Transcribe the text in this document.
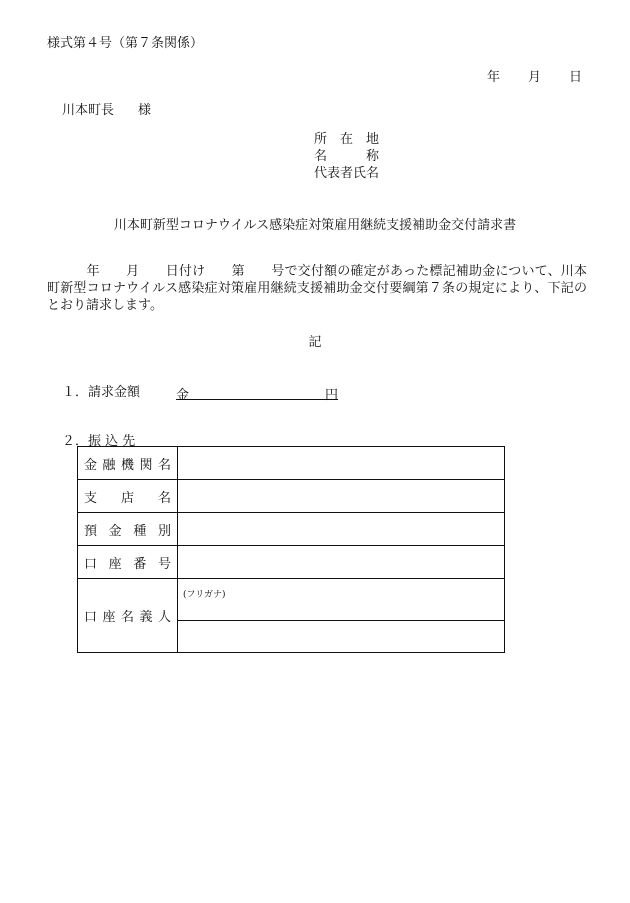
様式第４号（第７条関係）
年 月 日
川本町長 様
所　在　地
名　　　称
代表者氏名
川本町新型コロナウイルス感染症対策雇用継続支援補助金交付請求書
　　　年　　月　　日付け　　第　　号で交付額の確定があった標記補助金について、川本町新型コロナウイルス感染症対策雇用継続支援補助金交付要綱第７条の規定により、下記のとおり請求します。
記
１．請求金額	金	円
２．振 込 先
金融機関名	
支店名	
預金種別	
口座番号	
口座名義人	(フリガナ)
